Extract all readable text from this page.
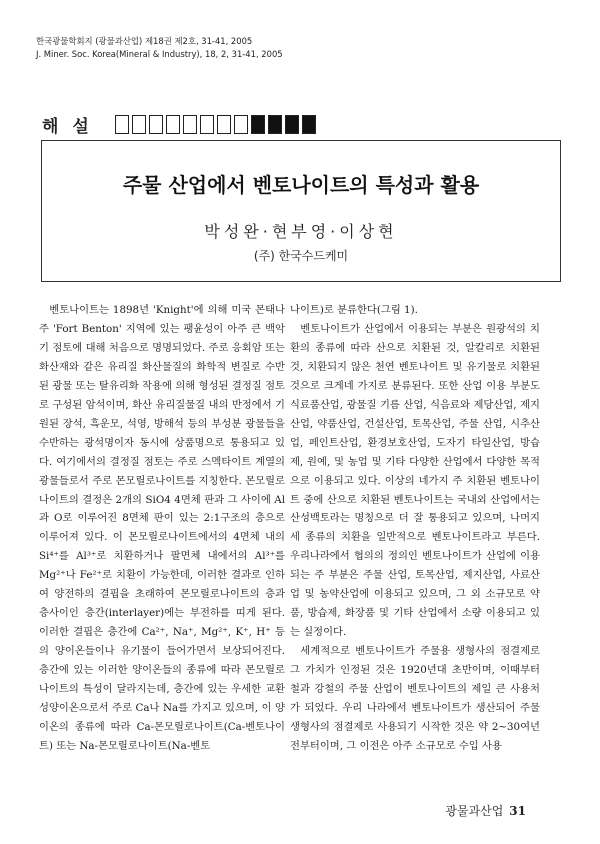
한국광물학회지 (광물과산업) 제18권 제2호, 31-41, 2005
J. Miner. Soc. Korea(Mineral & Industry), 18, 2, 31-41, 2005
해 설
주물 산업에서 벤토나이트의 특성과 활용
박성완·현부영·이상현
(주) 한국수드케미

벤토나이트는 1898년 'Knight'에 의해 미국 몬태나 주 'Fort Benton' 지역에 있는 팽윤성이 아주 큰 백악기 점토에 대해 처음으로 명명되었다. 주로 응회암 또는 화산재와 같은 유리질 화산물질의 화학적 변질로 수반된 광물 또는 탈유리화 작용에 의해 형성된 결정질 점토로 구성된 암석이며, 화산 유리질물질 내의 반정에서 기원된 장석, 흑운모, 석영, 방해석 등의 부성분 광물들을 수반하는 광석명이자 동시에 상품명으로 통용되고 있다. 여기에서의 결정질 점토는 주로 스멕타이트 계열의 광물들로서 주로 몬모릴로나이트를 지칭한다. 몬모릴로나이트의 결정은 2개의 SiO4 4면체 판과 그 사이에 Al과 O로 이루어진 8면체 판이 있는 2:1구조의 층으로 이루어져 있다. 이 몬모릴로나이트에서의 4면체 내의 Si⁴⁺를 Al³⁺로 치환하거나 팔면체 내에서의 Al³⁺를 Mg²⁺나 Fe²⁺로 치환이 가능한데, 이러한 결과로 인하여 양전하의 결핍을 초래하여 몬모릴로나이트의 층과 층사이인 층간(interlayer)에는 부전하를 띠게 된다. 이러한 결핍은 층간에 Ca²⁺, Na⁺, Mg²⁺, K⁺, H⁺ 등의 양이온들이나 유기물이 들어가면서 보상되어진다. 층간에 있는 이러한 양이온들의 종류에 따라 몬모릴로나이트의 특성이 달라지는데, 층간에 있는 우세한 교환성양이온으로서 주로 Ca나 Na를 가지고 있으며, 이 양이온의 종류에 따라 Ca-몬모릴로나이트(Ca-벤토나이트) 또는 Na-몬모릴로나이트(Na-벤토

나이트)로 분류한다(그림 1).

벤토나이트가 산업에서 이용되는 부분은 원광석의 치환의 종류에 따라 산으로 치환된 것, 알칼리로 치환된 것, 치환되지 않은 천연 벤토나이트 및 유기물로 치환된 것으로 크게네 가지로 분류된다. 또한 산업 이용 부분도 식료품산업, 광물질 기름 산업, 식음료와 제당산업, 제지산업, 약품산업, 건설산업, 토목산업, 주물 산업, 시추산업, 페인트산업, 환경보호산업, 도자기 타일산업, 방습제, 원예, 및 농업 및 기타 다양한 산업에서 다양한 목적으로 이용되고 있다. 이상의 네가지 주 치환된 벤토나이트 중에 산으로 치환된 벤토나이트는 국내외 산업에서는 산성백토라는 명칭으로 더 잘 통용되고 있으며, 나머지 세 종류의 치환을 일반적으로 벤토나이트라고 부른다. 우리나라에서 협의의 정의인 벤토나이트가 산업에 이용되는 주 부분은 주물 산업, 토목산업, 제지산업, 사료산업 및 농약산업에 이용되고 있으며, 그 외 소규모로 약품, 방습제, 화장품 및 기타 산업에서 소량 이용되고 있는 실정이다.

세계적으로 벤토나이트가 주물용 생형사의 점결제로 그 가치가 인정된 것은 1920년대 초반이며, 이때부터 철과 강철의 주물 산업이 벤토나이트의 제일 큰 사용처가 되었다. 우리 나라에서 벤토나이트가 생산되어 주물 생형사의 점결제로 사용되기 시작한 것은 약 2~30여년 전부터이며, 그 이전은 아주 소규모로 수입 사용

광물과산업 31
